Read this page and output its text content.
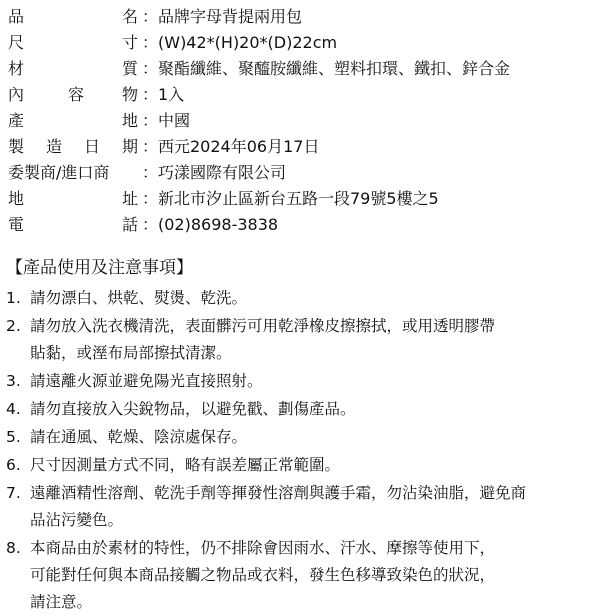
品	名 ：品牌字母背提兩用包
尺	寸 ：(W)42*(H)20*(D)22cm
材	質 ：聚酯纖維、聚醯胺纖維、塑料扣環、鐵扣、鋅合金
內	容 物 ：1入
產	地 ：中國
製 造 日 期 ：西元2024年06月17日
委製商/進口商 ：巧漾國際有限公司
地	址 ：新北市汐止區新台五路一段79號5樓之5
電	話 ：(02)8698-3838
【產品使用及注意事項】
1. 請勿漂白、烘乾、熨燙、乾洗。
2. 請勿放入洗衣機清洗，表面髒污可用乾淨橡皮擦擦拭，或用透明膠帶
貼黏，或溼布局部擦拭清潔。
3. 請遠離火源並避免陽光直接照射。
4. 請勿直接放入尖銳物品，以避免戳、劃傷產品。
5. 請在通風、乾燥、陰涼處保存。
6. 尺寸因測量方式不同，略有誤差屬正常範圍。
7. 遠離酒精性溶劑、乾洗手劑等揮發性溶劑與護手霜，勿沾染油脂，避免商
品沾污變色。
8. 本商品由於素材的特性，仍不排除會因雨水、汗水、摩擦等使用下，
可能對任何與本商品接觸之物品或衣料，發生色移導致染色的狀況，
請注意。
